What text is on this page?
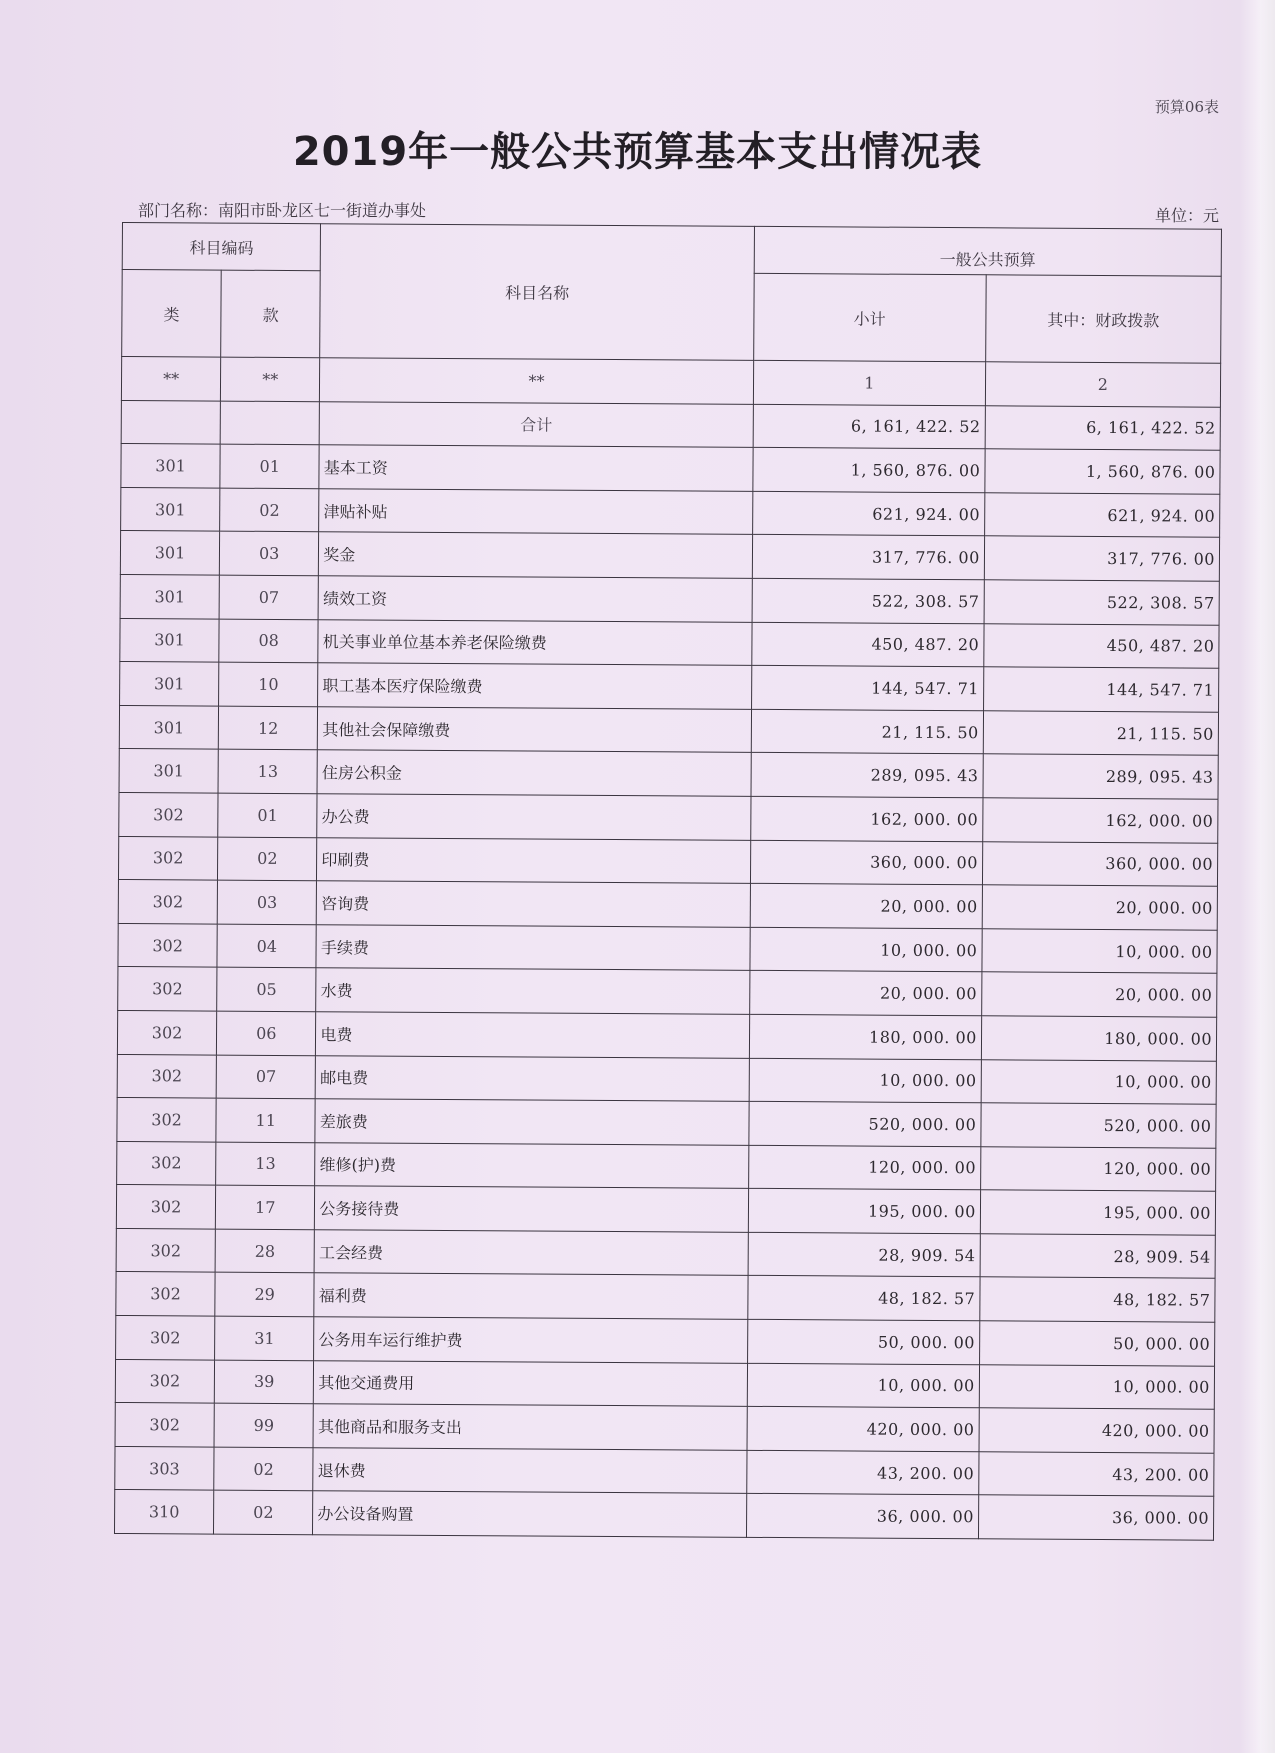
预算06表
2019年一般公共预算基本支出情况表
部门名称：南阳市卧龙区七一街道办事处	单位：元
科目编码		科目名称	一般公共预算	
类	款		小计	其中：财政拨款
**	**	**	1	2
		合计	6, 161, 422. 52	6, 161, 422. 52
301	01	基本工资	1, 560, 876. 00	1, 560, 876. 00
301	02	津贴补贴	621, 924. 00	621, 924. 00
301	03	奖金	317, 776. 00	317, 776. 00
301	07	绩效工资	522, 308. 57	522, 308. 57
301	08	机关事业单位基本养老保险缴费	450, 487. 20	450, 487. 20
301	10	职工基本医疗保险缴费	144, 547. 71	144, 547. 71
301	12	其他社会保障缴费	21, 115. 50	21, 115. 50
301	13	住房公积金	289, 095. 43	289, 095. 43
302	01	办公费	162, 000. 00	162, 000. 00
302	02	印刷费	360, 000. 00	360, 000. 00
302	03	咨询费	20, 000. 00	20, 000. 00
302	04	手续费	10, 000. 00	10, 000. 00
302	05	水费	20, 000. 00	20, 000. 00
302	06	电费	180, 000. 00	180, 000. 00
302	07	邮电费	10, 000. 00	10, 000. 00
302	11	差旅费	520, 000. 00	520, 000. 00
302	13	维修(护)费	120, 000. 00	120, 000. 00
302	17	公务接待费	195, 000. 00	195, 000. 00
302	28	工会经费	28, 909. 54	28, 909. 54
302	29	福利费	48, 182. 57	48, 182. 57
302	31	公务用车运行维护费	50, 000. 00	50, 000. 00
302	39	其他交通费用	10, 000. 00	10, 000. 00
302	99	其他商品和服务支出	420, 000. 00	420, 000. 00
303	02	退休费	43, 200. 00	43, 200. 00
310	02	办公设备购置	36, 000. 00	36, 000. 00
